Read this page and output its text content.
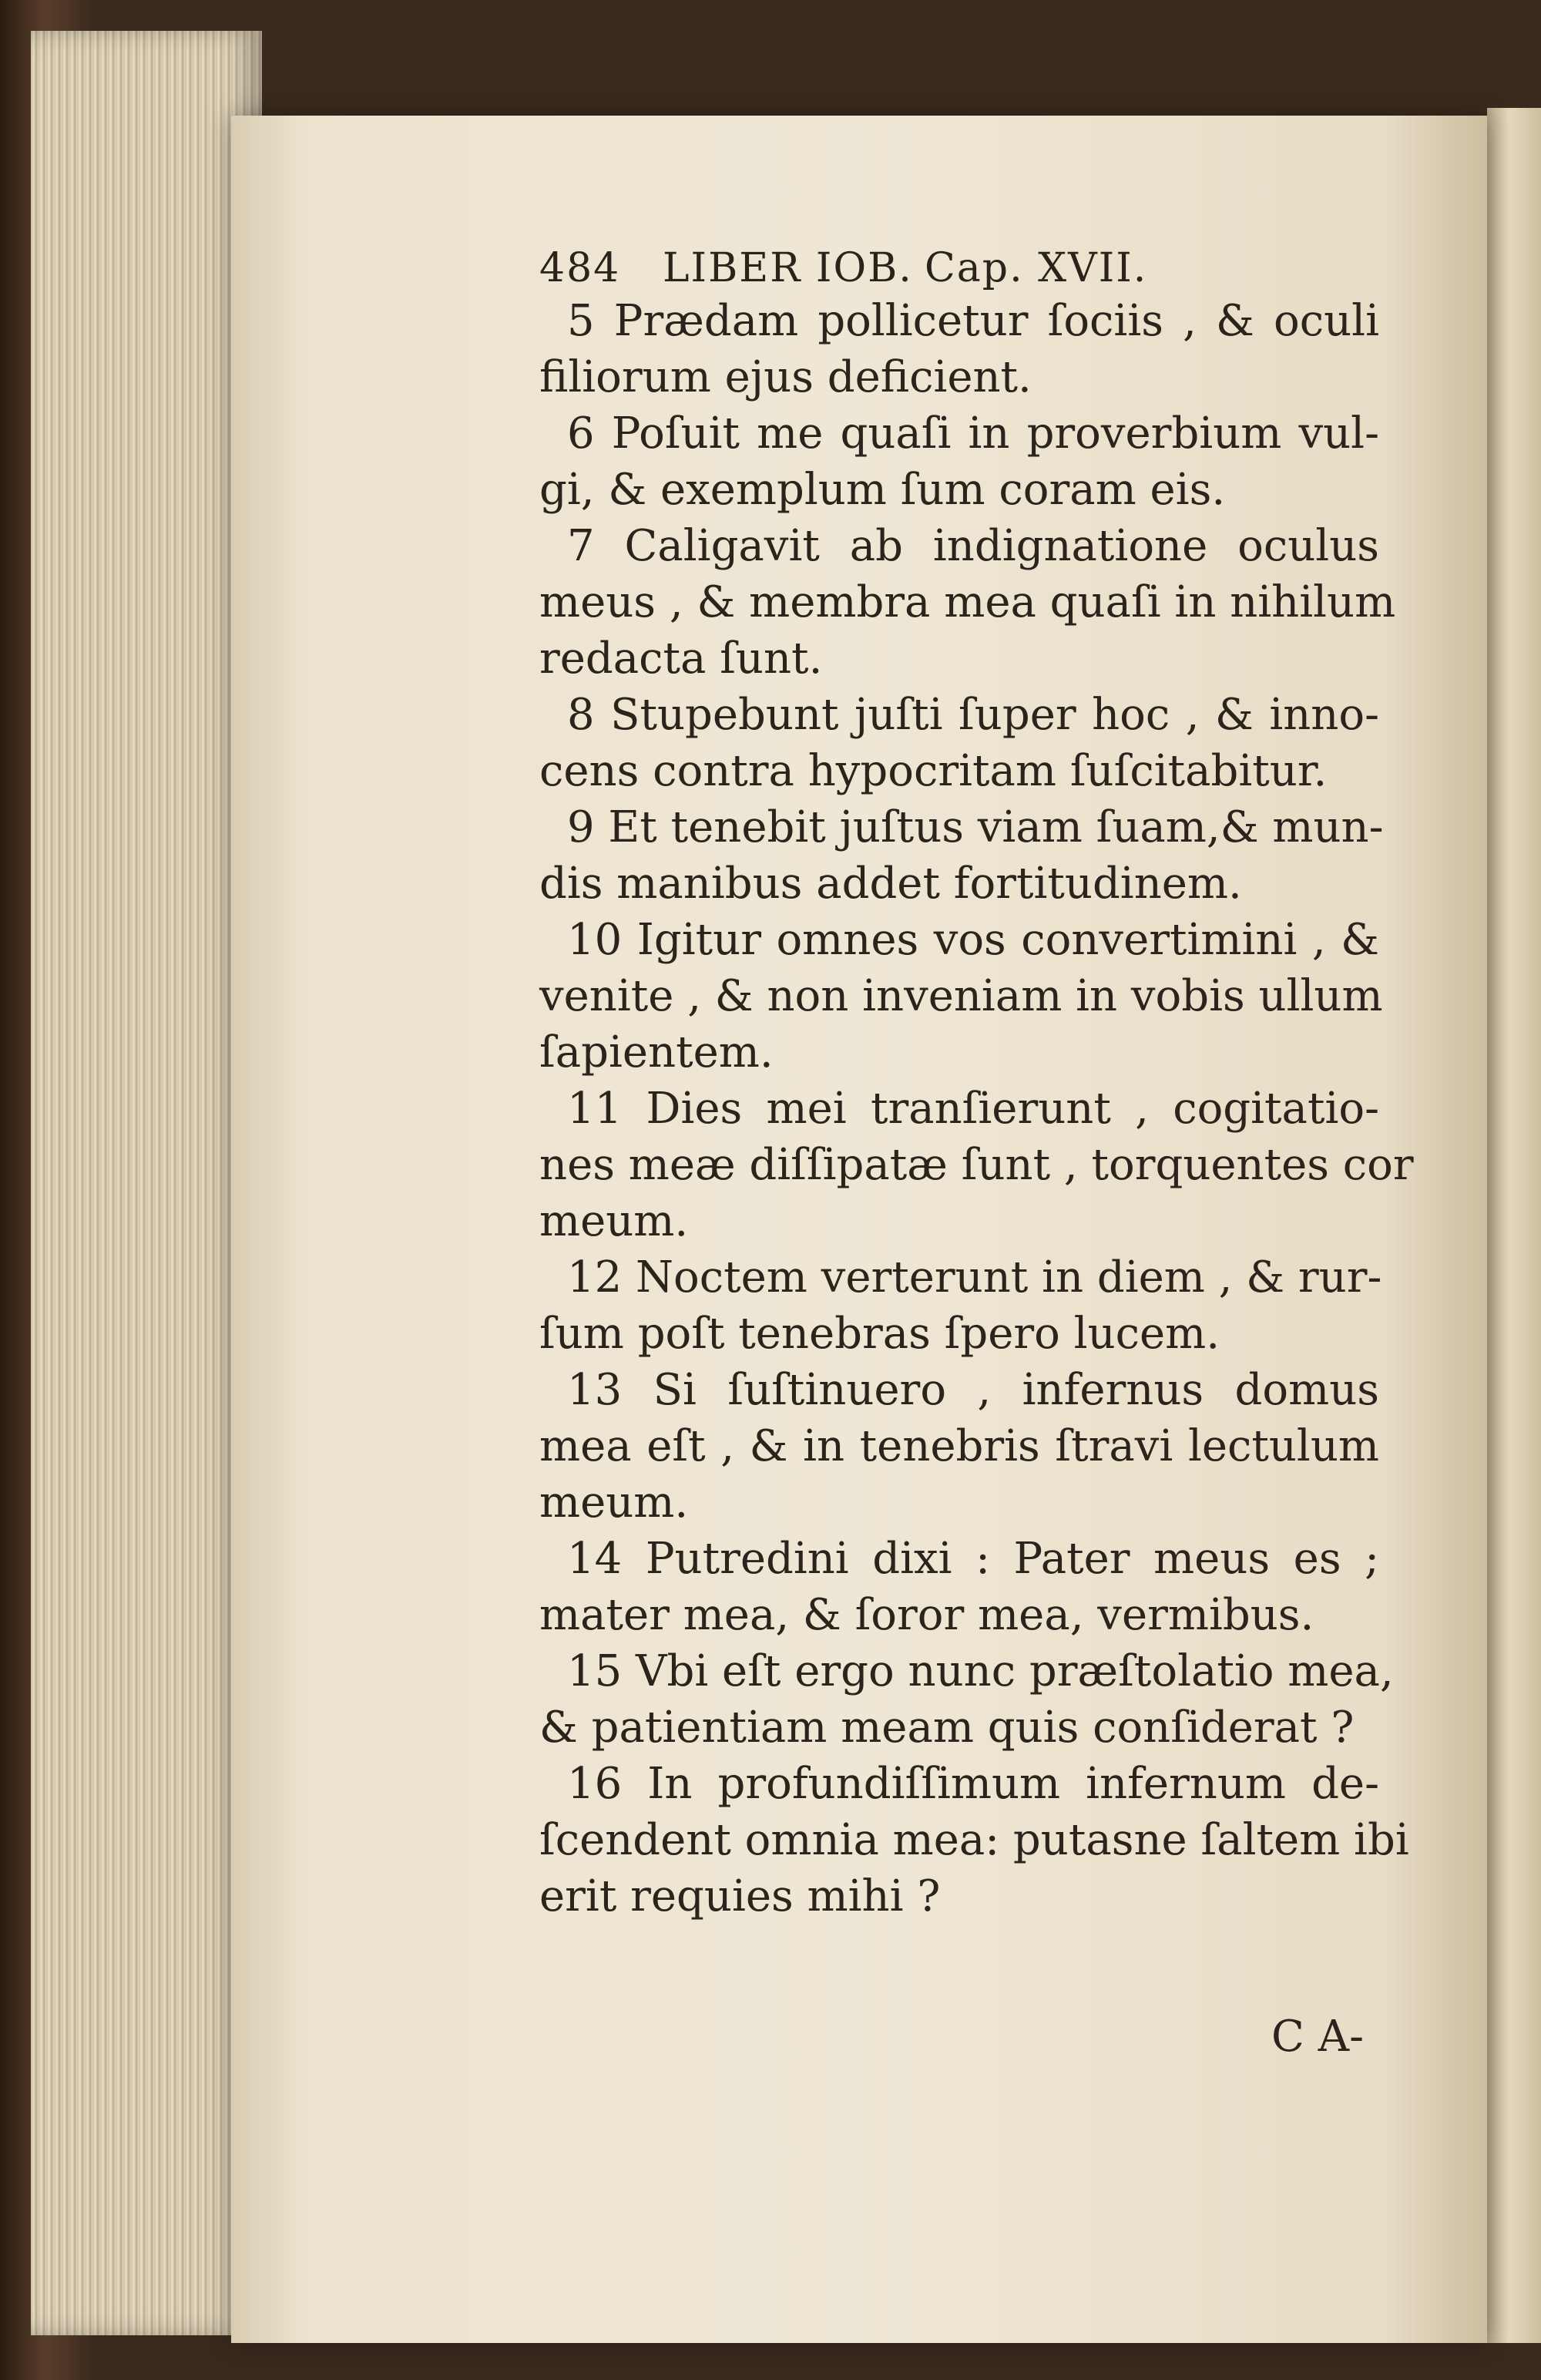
484 LIBER IOB. Cap. XVII.
5 Prædam pollicetur ſociis , & oculi
filiorum ejus deficient.
6 Poſuit me quaſi in proverbium vul-
gi, & exemplum ſum coram eis.
7 Caligavit ab indignatione oculus
meus , & membra mea quaſi in nihilum
redacta ſunt.
8 Stupebunt juſti ſuper hoc , & inno-
cens contra hypocritam ſuſcitabitur.
9 Et tenebit juſtus viam ſuam,& mun-
dis manibus addet fortitudinem.
10 Igitur omnes vos convertimini , &
venite , & non inveniam in vobis ullum
ſapientem.
11 Dies mei tranſierunt , cogitatio-
nes meæ diſſipatæ ſunt , torquentes cor
meum.
12 Noctem verterunt in diem , & rur-
ſum poſt tenebras ſpero lucem.
13 Si ſuſtinuero , infernus domus
mea eſt , & in tenebris ſtravi lectulum
meum.
14 Putredini dixi : Pater meus es ;
mater mea, & ſoror mea, vermibus.
15 Vbi eſt ergo nunc præſtolatio mea,
& patientiam meam quis conſiderat ?
16 In profundiſſimum infernum de-
ſcendent omnia mea: putasne ſaltem ibi
erit requies mihi ?
C A-
